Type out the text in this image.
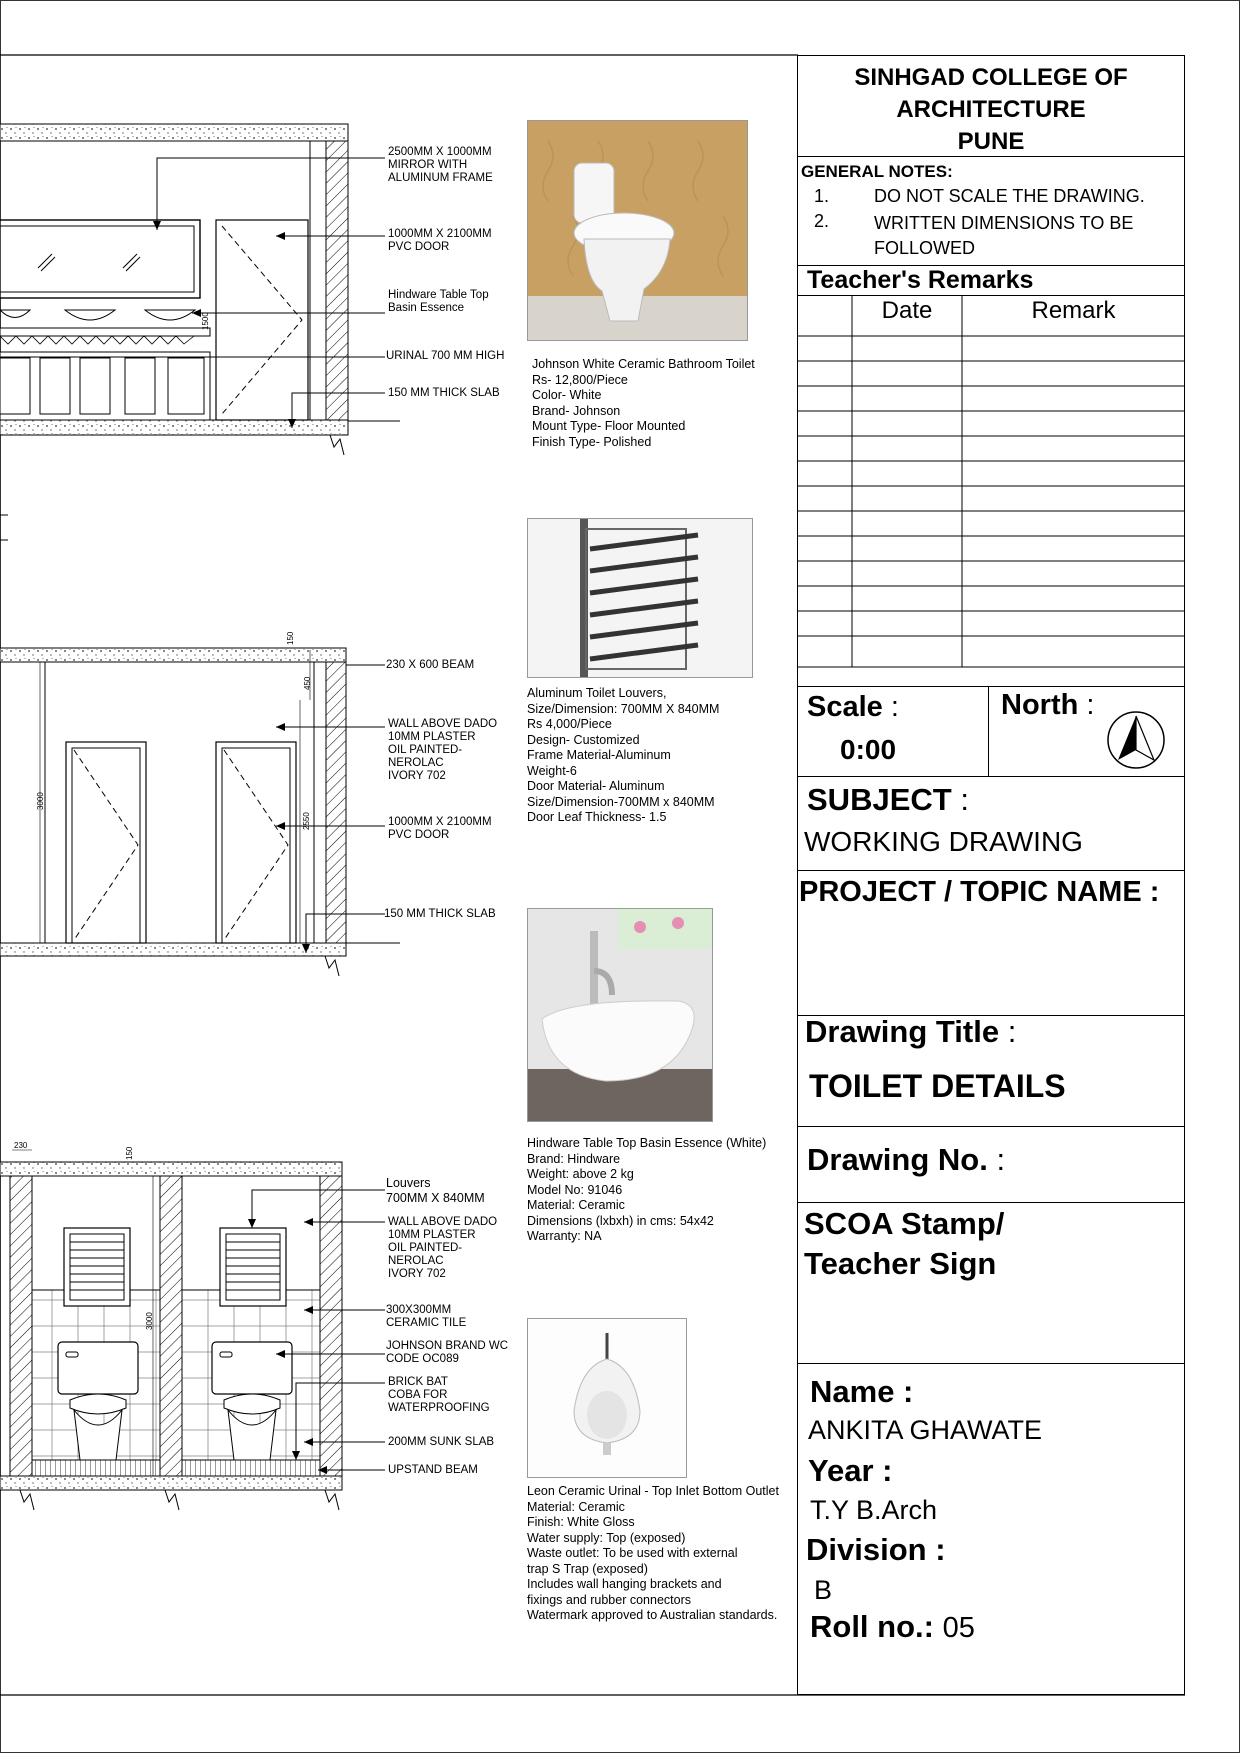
1500
3000
2550
450
150
230
150
3000
2500MM X 1000MM
MIRROR WITH
ALUMINUM FRAME
1000MM X 2100MM
PVC DOOR
Hindware Table Top
Basin Essence
URINAL 700 MM HIGH
150 MM THICK SLAB
230 X 600 BEAM
WALL ABOVE DADO
10MM PLASTER
OIL PAINTED-
NEROLAC
IVORY 702
1000MM X 2100MM
PVC DOOR
150 MM THICK SLAB
Louvers
700MM X 840MM
WALL ABOVE DADO
10MM PLASTER
OIL PAINTED-
NEROLAC
IVORY 702
300X300MM
CERAMIC TILE
JOHNSON BRAND WC
CODE OC089
BRICK BAT
COBA FOR
WATERPROOFING
200MM SUNK SLAB
UPSTAND BEAM
Johnson White Ceramic Bathroom Toilet
Rs- 12,800/Piece
Color- White
Brand- Johnson
Mount Type- Floor Mounted
Finish Type- Polished
Aluminum Toilet Louvers,
Size/Dimension: 700MM X 840MM
Rs 4,000/Piece
Design- Customized
Frame Material-Aluminum
Weight-6
Door Material- Aluminum
Size/Dimension-700MM x 840MM
Door Leaf Thickness- 1.5
Hindware Table Top Basin Essence (White)
Brand: Hindware
Weight: above 2 kg
Model No: 91046
Material: Ceramic
Dimensions (lxbxh) in cms: 54x42
Warranty: NA
Leon Ceramic Urinal - Top Inlet Bottom Outlet
Material: Ceramic
Finish: White Gloss
Water supply: Top (exposed)
Waste outlet: To be used with external
trap S Trap (exposed)
Includes wall hanging brackets and
fixings and rubber connectors
Watermark approved to Australian standards.
SINHGAD COLLEGE OF
ARCHITECTURE
PUNE
GENERAL NOTES:
1. DO NOT SCALE THE DRAWING.
2. WRITTEN DIMENSIONS TO BE
FOLLOWED
Teacher's Remarks
Date	Remark
Scale :
0:00
North :
SUBJECT :
WORKING DRAWING
PROJECT / TOPIC NAME :
Drawing Title :
TOILET DETAILS
Drawing No. :
SCOA Stamp/
Teacher Sign
Name :
ANKITA GHAWATE
Year :
T.Y B.Arch
Division :
B
Roll no.: 05
